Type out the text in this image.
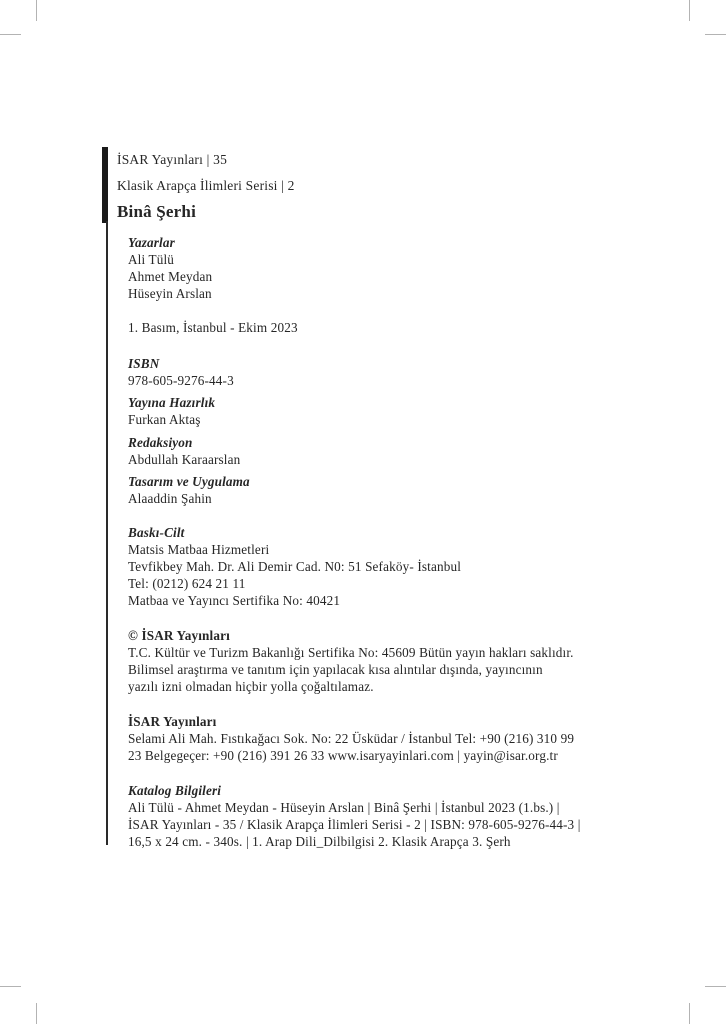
İSAR Yayınları | 35

Klasik Arapça İlimleri Serisi | 2

Binâ Şerhi

Yazarlar

Ali Tülü

Ahmet Meydan

Hüseyin Arslan

1. Basım, İstanbul - Ekim 2023

ISBN

978-605-9276-44-3

Yayına Hazırlık

Furkan Aktaş

Redaksiyon

Abdullah Karaarslan

Tasarım ve Uygulama

Alaaddin Şahin

Baskı-Cilt

Matsis Matbaa Hizmetleri

Tevfikbey Mah. Dr. Ali Demir Cad. N0: 51 Sefaköy- İstanbul

Tel: (0212) 624 21 11

Matbaa ve Yayıncı Sertifika No: 40421

© İSAR Yayınları

T.C. Kültür ve Turizm Bakanlığı Sertifika No: 45609 Bütün yayın hakları saklıdır.

Bilimsel araştırma ve tanıtım için yapılacak kısa alıntılar dışında, yayıncının

yazılı izni olmadan hiçbir yolla çoğaltılamaz.

İSAR Yayınları

Selami Ali Mah. Fıstıkağacı Sok. No: 22 Üsküdar / İstanbul Tel: +90 (216) 310 99

23 Belgegeçer: +90 (216) 391 26 33 www.isaryayinlari.com | yayin@isar.org.tr

Katalog Bilgileri

Ali Tülü - Ahmet Meydan - Hüseyin Arslan | Binâ Şerhi | İstanbul 2023 (1.bs.) |

İSAR Yayınları - 35 / Klasik Arapça İlimleri Serisi - 2 | ISBN: 978-605-9276-44-3 |

16,5 x 24 cm. - 340s. | 1. Arap Dili_Dilbilgisi 2. Klasik Arapça 3. Şerh
